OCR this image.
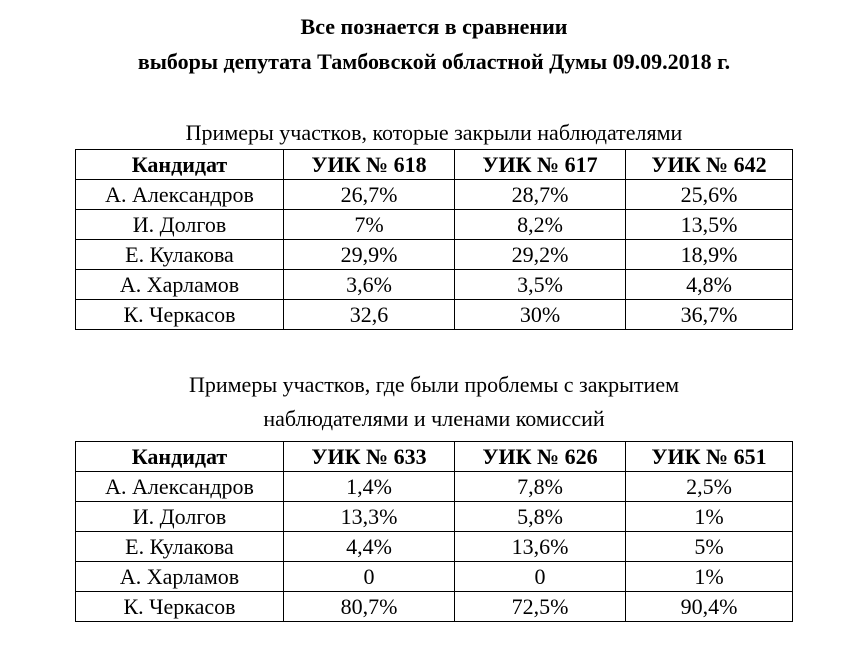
Все познается в сравнении
выборы депутата Тамбовской областной Думы 09.09.2018 г.
Примеры участков, которые закрыли наблюдателями
Кандидат	УИК № 618	УИК № 617	УИК № 642
А. Александров	26,7%	28,7%	25,6%
И. Долгов	7%	8,2%	13,5%
Е. Кулакова	29,9%	29,2%	18,9%
А. Харламов	3,6%	3,5%	4,8%
К. Черкасов	32,6	30%	36,7%
Примеры участков, где были проблемы с закрытием
наблюдателями и членами комиссий
Кандидат	УИК № 633	УИК № 626	УИК № 651
А. Александров	1,4%	7,8%	2,5%
И. Долгов	13,3%	5,8%	1%
Е. Кулакова	4,4%	13,6%	5%
А. Харламов	0	0	1%
К. Черкасов	80,7%	72,5%	90,4%
